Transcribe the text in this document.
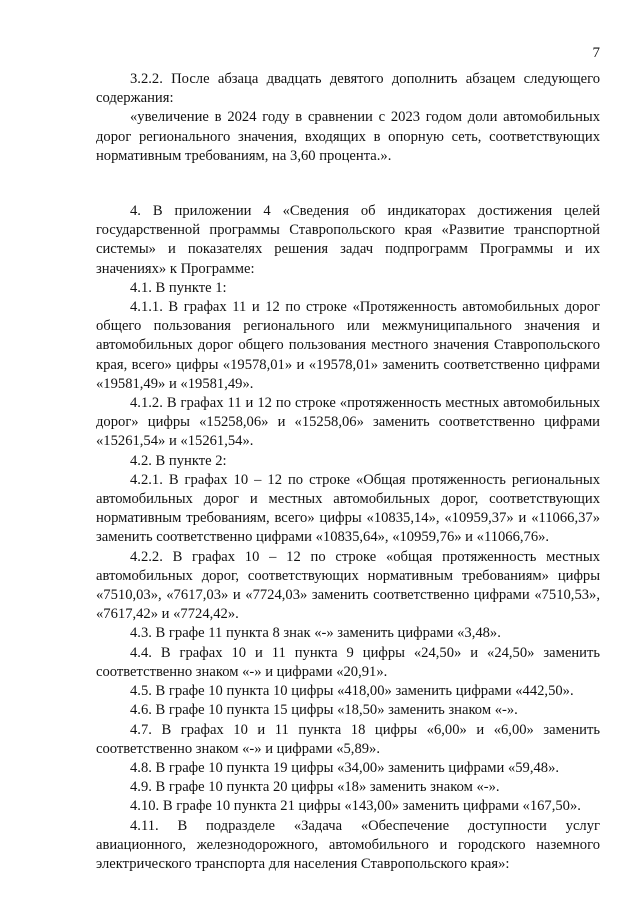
7

3.2.2. После абзаца двадцать девятого дополнить абзацем следующего содержания:

«увеличение в 2024 году в сравнении с 2023 годом доли автомобильных дорог регионального значения, входящих в опорную сеть, соответствующих нормативным требованиям, на 3,60 процента.».

4. В приложении 4 «Сведения об индикаторах достижения целей государственной программы Ставропольского края «Развитие транспортной системы» и показателях решения задач подпрограмм Программы и их значениях» к Программе:

4.1. В пункте 1:

4.1.1. В графах 11 и 12 по строке «Протяженность автомобильных дорог общего пользования регионального или межмуниципального значения и автомобильных дорог общего пользования местного значения Ставропольского края, всего» цифры «19578,01» и «19578,01» заменить соответственно цифрами «19581,49» и «19581,49».

4.1.2. В графах 11 и 12 по строке «протяженность местных автомобильных дорог» цифры «15258,06» и «15258,06» заменить соответственно цифрами «15261,54» и «15261,54».

4.2. В пункте 2:

4.2.1. В графах 10 – 12 по строке «Общая протяженность региональных автомобильных дорог и местных автомобильных дорог, соответствующих нормативным требованиям, всего» цифры «10835,14», «10959,37» и «11066,37» заменить соответственно цифрами «10835,64», «10959,76» и «11066,76».

4.2.2. В графах 10 – 12 по строке «общая протяженность местных автомобильных дорог, соответствующих нормативным требованиям» цифры «7510,03», «7617,03» и «7724,03» заменить соответственно цифрами «7510,53», «7617,42» и «7724,42».

4.3. В графе 11 пункта 8 знак «-» заменить цифрами «3,48».

4.4. В графах 10 и 11 пункта 9 цифры «24,50» и «24,50» заменить соответственно знаком «-» и цифрами «20,91».

4.5. В графе 10 пункта 10 цифры «418,00» заменить цифрами «442,50».

4.6. В графе 10 пункта 15 цифры «18,50» заменить знаком «-».

4.7. В графах 10 и 11 пункта 18 цифры «6,00» и «6,00» заменить соответственно знаком «-» и цифрами «5,89».

4.8. В графе 10 пункта 19 цифры «34,00» заменить цифрами «59,48».

4.9. В графе 10 пункта 20 цифры «18» заменить знаком «-».

4.10. В графе 10 пункта 21 цифры «143,00» заменить цифрами «167,50».

4.11. В подразделе «Задача «Обеспечение доступности услуг авиационного, железнодорожного, автомобильного и городского наземного электрического транспорта для населения Ставропольского края»:
